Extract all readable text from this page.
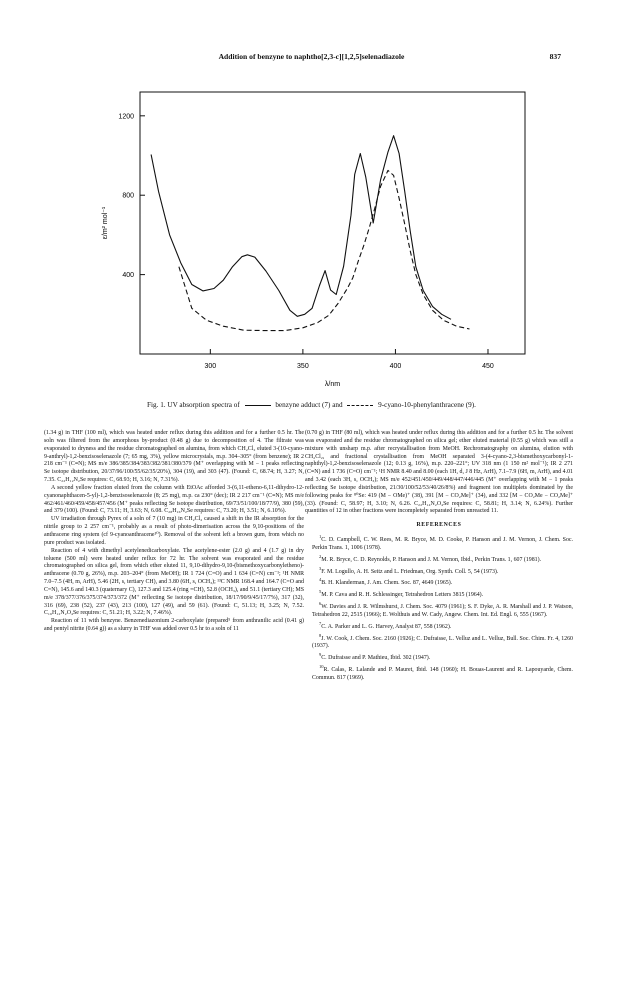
Addition of benzyne to naphtho[2,3-c][1,2,5]selenadiazole	837
300	350	400	450
400
800
1200
λ/nm
ε/m² mol⁻¹
Fig. 1. UV absorption spectra of	benzyne adduct (7) and	9-cyano-10-phenylanthracene (9).

(1.34 g) in THF (100 ml), which was heated under reflux during this addition and for a further 0.5 hr. The soln was filtered from the amorphous by-product (0.48 g) due to decomposition of 4. The filtrate was evaporated to dryness and the residue chromatographed on alumina, from which CH₂Cl₂ eluted 3-(10-cyano-9-anthryl)-1,2-benzisoselenazole (7; 65 mg, 3%), yellow microcrystals, m.p. 304–305° (from benzene); IR 2 218 cm⁻¹ (C≡N); MS m/e 386/385/384/383/382/381/380/379 (M⁺ overlapping with M − 1 peaks reflecting Se isotope distribution, 20/37/96/100/55/62/35/20%), 304 (19), and 303 (47). (Found: C, 68.74; H, 3.27; N, 7.35. C₂₂H₁₂N₂Se requires: C, 68.93; H, 3.16; N, 7.31%).

A second yellow fraction eluted from the column with EtOAc afforded 3-(6,11-etheno-6,11-dihydro-12-cyanonaphthacen-5-yl)-1,2-benzisoselenazole (8; 25 mg), m.p. ca 230° (dec); IR 2 217 cm⁻¹ (C≡N); MS m/e 462/461/460/459/458/457/456 (M⁺ peaks reflecting Se isotope distribution, 69/73/51/100/18/77/9), 380 (59), and 379 (100). (Found: C, 73.11; H, 3.63; N, 6.08. C₂₈H₁₆N₂Se requires: C, 73.20; H, 3.51; N, 6.10%).

UV irradiation through Pyrex of a soln of 7 (10 mg) in CH₂Cl₂ caused a shift in the IR absorption for the nitrile group to 2 257 cm⁻¹, probably as a result of photo-dimerisation across the 9,10-positions of the anthracene ring system (cf 9-cyanoanthracene¹⁰). Removal of the solvent left a brown gum, from which no pure product was isolated.

Reaction of 4 with dimethyl acetylenedicarboxylate. The acetylene-ester (2.0 g) and 4 (1.7 g) in dry toluene (500 ml) were heated under reflux for 72 hr. The solvent was evaporated and the residue chromatographed on silica gel, from which ether eluted 11, 9,10-dihydro-9,10-(bismethoxycarbonyletheno)-anthracene (0.70 g, 26%), m.p. 203–204° (from MeOH); IR 1 724 (C=O) and 1 634 (C=N) cm⁻¹; ¹H NMR 7.0–7.5 (4H, m, ArH), 5.46 (2H, s, tertiary CH), and 3.80 (6H, s, OCH₃); ¹³C NMR 168.4 and 164.7 (C=O and C=N), 145.6 and 140.3 (quaternary C), 127.3 and 125.4 (ring =CH), 52.8 (OCH₃), and 51.1 (tertiary CH); MS m/e 378/377/376/375/374/373/372 (M⁺ reflecting Se isotope distribution, 18/17/90/9/45/17/7%), 317 (32), 316 (69), 238 (52), 237 (43), 213 (100), 127 (49), and 59 (61). (Found: C, 51.13; H, 3.25; N, 7.52. C₁₆H₁₂N₂O₄Se requires: C, 51.21; H, 3.22; N, 7.46%).

Reaction of 11 with benzyne. Benzenediazonium 2-carboxylate (prepared⁵ from anthranilic acid (0.41 g) and pentyl nitrite (0.64 g)) as a slurry in THF was added over 0.5 hr to a soln of 11

(0.70 g) in THF (80 ml), which was heated under reflux during this addition and for a further 0.5 hr. The solvent was evaporated and the residue chromatographed on silica gel; ether eluted material (0.55 g) which was still a mixture with unsharp m.p. after recrystallisation from MeOH. Rechromatography on alumina, elution with CH₂Cl₂, and fractional crystallisation from MeOH separated 3-(4-cyano-2,3-bismethoxycarbonyl-1-naphthyl)-1,2-benzisoselenazole (12; 0.13 g, 16%), m.p. 220–221°; UV 318 nm (1 150 m² mol⁻¹); IR 2 271 (C≡N) and 1 736 (C=O) cm⁻¹; ¹H NMR 8.40 and 8.00 (each 1H, d, J 8 Hz, ArH), 7.1–7.9 (6H, m, ArH), and 4.01 and 3.42 (each 3H, s, OCH₃); MS m/e 452/451/450/449/448/447/446/445 (M⁺ overlapping with M − 1 peaks reflecting Se isotope distribution, 21/30/100/52/53/40/26/8%) and fragment ion multiplets dominated by the following peaks for ⁸⁰Se: 419 (M − OMe)⁺ (38), 391 [M − CO₂Me]⁺ (34), and 332 [M − CO₂Me − CO₂Me]⁺ (33). (Found: C, 58.97; H, 3.10; N, 6.26. C₂₂H₁₄N₂O₄Se requires: C, 58.81; H, 3.14; N, 6.24%). Further quantities of 12 in other fractions were incompletely separated from unreacted 11.

REFERENCES

$^1$C. D. Campbell, C. W. Rees, M. R. Bryce, M. D. Cooke, P. Hanson and J. M. Vernon, J. Chem. Soc. Perkin Trans. 1, 1006 (1978).

$^2$M. R. Bryce, C. D. Reynolds, P. Hanson and J. M. Vernon, Ibid., Perkin Trans. 1, 607 (1981).

$^3$F. M. Logullo, A. H. Seitz and L. Friedman, Org. Synth. Coll. 5, 54 (1973).

$^4$B. H. Klanderman, J. Am. Chem. Soc. 87, 4649 (1965).

$^5$M. P. Cava and R. H. Schlessinger, Tetrahedron Letters 3815 (1964).

$^6$W. Davies and J. R. Wilmshurst, J. Chem. Soc. 4079 (1961); S. F. Dyke, A. R. Marshall and J. P. Watson, Tetrahedron 22, 2515 (1966); E. Wolthuis and W. Cady, Angew. Chem. Int. Ed. Engl. 6, 555 (1967).

$^7$C. A. Parker and L. G. Harvey, Analyst 87, 558 (1962).

$^8$J. W. Cook, J. Chem. Soc. 2160 (1926); C. Dufraisse, L. Velluz and L. Velluz, Bull. Soc. Chim. Fr. 4, 1260 (1937).

$^9$C. Dufraisse and P. Mathieu, Ibid. 302 (1947).

$^{10}$R. Calas, R. Lalande and P. Mauret, Ibid. 148 (1960); H. Bouas-Laurent and R. Lapouyarde, Chem. Commun. 817 (1969).
